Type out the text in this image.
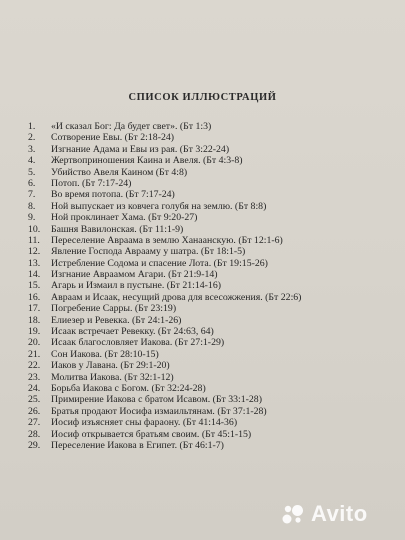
СПИСОК ИЛЛЮСТРАЦИЙ
1.	«И сказал Бог: Да будет свет». (Бт 1:3)
2.	Сотворение Евы. (Бт 2:18-24)
3.	Изгнание Адама и Евы из рая. (Бт 3:22-24)
4.	Жертвоприношения Каина и Авеля. (Бт 4:3-8)
5.	Убийство Авеля Каином (Бт 4:8)
6.	Потоп. (Бт 7:17-24)
7.	Во время потопа. (Бт 7:17-24)
8.	Ной выпускает из ковчега голубя на землю. (Бт 8:8)
9.	Ной проклинает Хама. (Бт 9:20-27)
10.	Башня Вавилонская. (Бт 11:1-9)
11.	Переселение Авраама в землю Ханаанскую. (Бт 12:1-6)
12.	Явление Господа Аврааму у шатра. (Бт 18:1-5)
13.	Истребление Содома и спасение Лота. (Бт 19:15-26)
14.	Изгнание Авраамом Агари. (Бт 21:9-14)
15.	Агарь и Измаил в пустыне. (Бт 21:14-16)
16.	Авраам и Исаак, несущий дрова для всесожжения. (Бт 22:6)
17.	Погребение Сарры. (Бт 23:19)
18.	Елиезер и Ревекка. (Бт 24:1-26)
19.	Исаак встречает Ревекку. (Бт 24:63, 64)
20.	Исаак благословляет Иакова. (Бт 27:1-29)
21.	Сон Иакова. (Бт 28:10-15)
22.	Иаков у Лавана. (Бт 29:1-20)
23.	Молитва Иакова. (Бт 32:1-12)
24.	Борьба Иакова с Богом. (Бт 32:24-28)
25.	Примирение Иакова с братом Исавом. (Бт 33:1-28)
26.	Братья продают Иосифа измаильтянам. (Бт 37:1-28)
27.	Иосиф изъясняет сны фараону. (Бт 41:14-36)
28.	Иосиф открывается братьям своим. (Бт 45:1-15)
29.	Переселение Иакова в Египет. (Бт 46:1-7)
Avito
